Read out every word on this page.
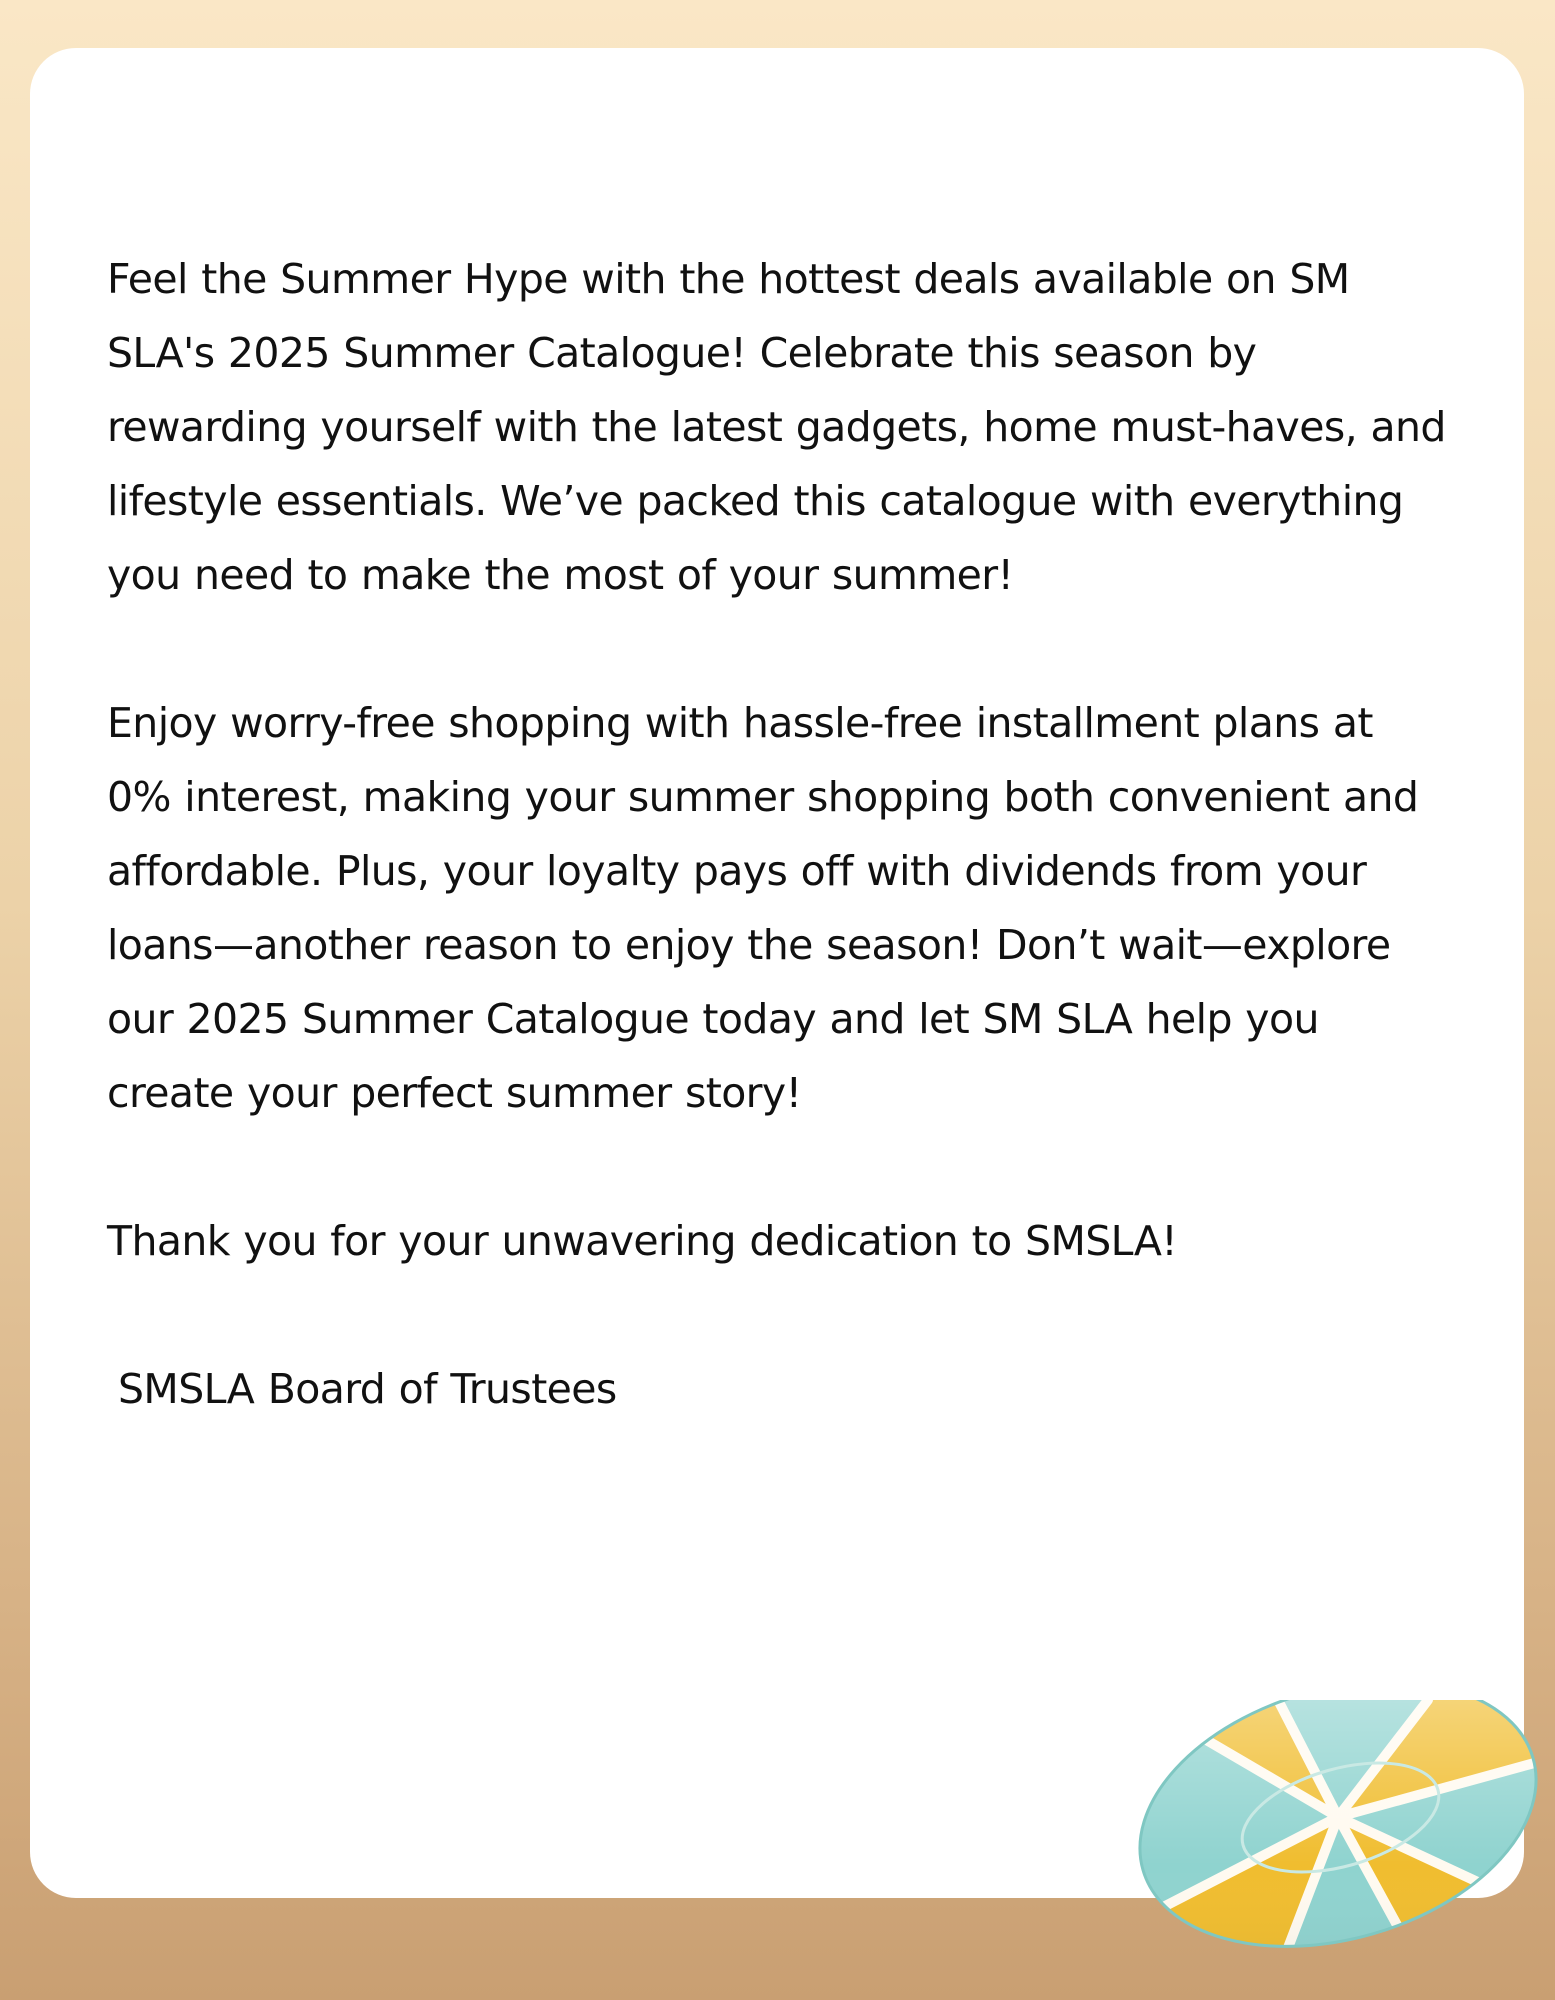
Feel the Summer Hype with the hottest deals available on SM SLA's 2025 Summer Catalogue! Celebrate this season by rewarding yourself with the latest gadgets, home must-haves, and lifestyle essentials. We’ve packed this catalogue with everything you need to make the most of your summer!

Enjoy worry-free shopping with hassle-free installment plans at 0% interest, making your summer shopping both convenient and affordable. Plus, your loyalty pays off with dividends from your loans—another reason to enjoy the season! Don’t wait—explore our 2025 Summer Catalogue today and let SM SLA help you create your perfect summer story!

Thank you for your unwavering dedication to SMSLA!

SMSLA Board of Trustees
